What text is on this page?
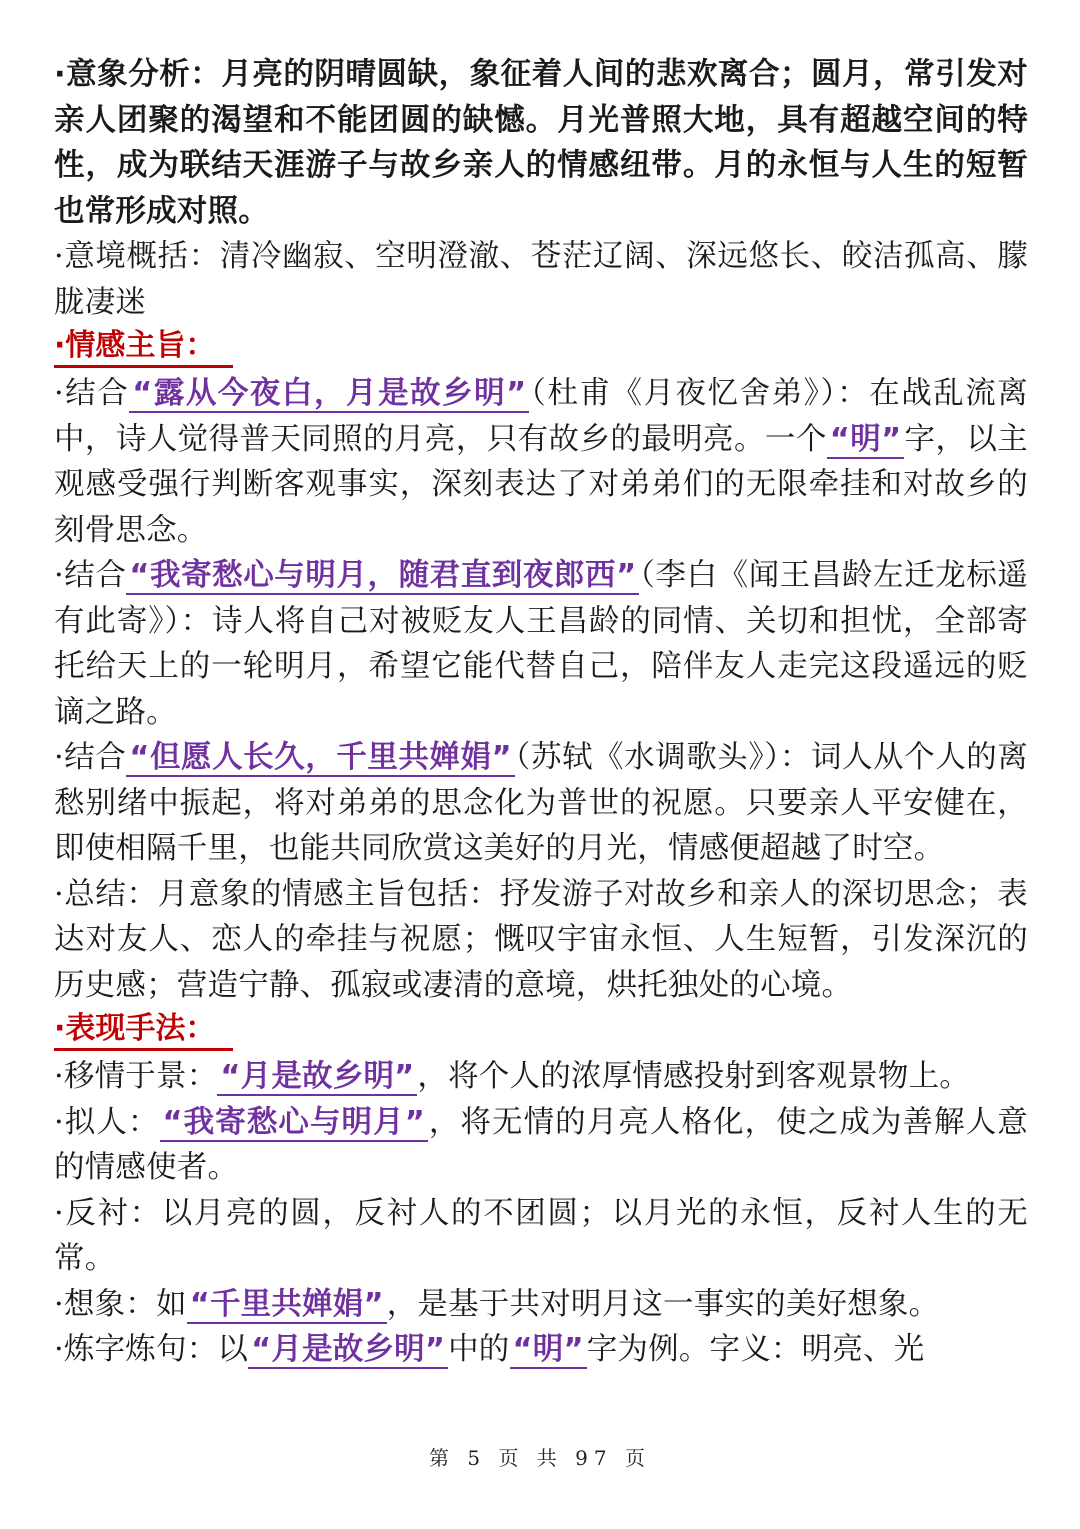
·意象分析：月亮的阴晴圆缺，象征着人间的悲欢离合；圆月，常引发对亲人团聚的渴望和不能团圆的缺憾。月光普照大地，具有超越空间的特性，成为联结天涯游子与故乡亲人的情感纽带。月的永恒与人生的短暂也常形成对照。

·意境概括：清冷幽寂、空明澄澈、苍茫辽阔、深远悠长、皎洁孤高、朦胧凄迷

·情感主旨：

·结合“露从今夜白，月是故乡明”（杜甫《月夜忆舍弟》）：在战乱流离中，诗人觉得普天同照的月亮，只有故乡的最明亮。一个“明”字，以主观感受强行判断客观事实，深刻表达了对弟弟们的无限牵挂和对故乡的刻骨思念。

·结合“我寄愁心与明月，随君直到夜郎西”（李白《闻王昌龄左迁龙标遥有此寄》）：诗人将自己对被贬友人王昌龄的同情、关切和担忧，全部寄托给天上的一轮明月，希望它能代替自己，陪伴友人走完这段遥远的贬谪之路。

·结合“但愿人长久，千里共婵娟”（苏轼《水调歌头》）：词人从个人的离愁别绪中振起，将对弟弟的思念化为普世的祝愿。只要亲人平安健在，即使相隔千里，也能共同欣赏这美好的月光，情感便超越了时空。

·总结：月意象的情感主旨包括：抒发游子对故乡和亲人的深切思念；表达对友人、恋人的牵挂与祝愿；慨叹宇宙永恒、人生短暂，引发深沉的历史感；营造宁静、孤寂或凄清的意境，烘托独处的心境。

·表现手法：

·移情于景：“月是故乡明”，将个人的浓厚情感投射到客观景物上。

·拟人：“我寄愁心与明月”，将无情的月亮人格化，使之成为善解人意的情感使者。

·反衬：以月亮的圆，反衬人的不团圆；以月光的永恒，反衬人生的无常。

·想象：如“千里共婵娟”，是基于共对明月这一事实的美好想象。

·炼字炼句：以“月是故乡明”中的“明”字为例。字义：明亮、光

第 5 页 共 97 页
